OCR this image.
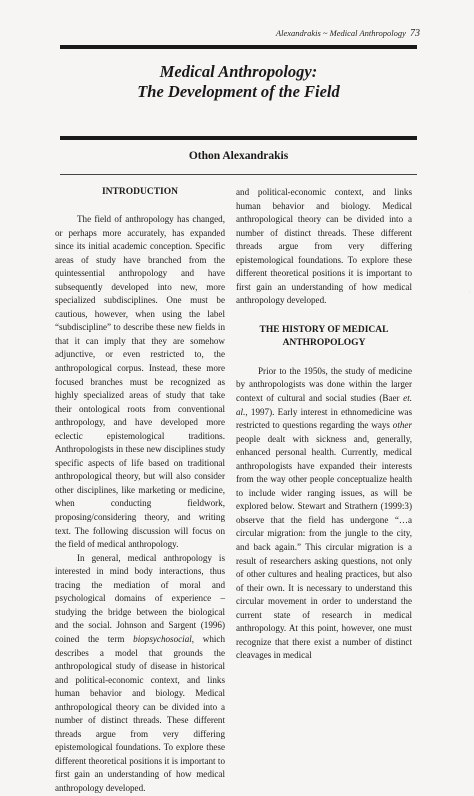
Alexandrakis ~ Medical Anthropology 73
Medical Anthropology:
The Development of the Field
Othon Alexandrakis
INTRODUCTION

The field of anthropology has changed, or perhaps more accurately, has expanded since its initial academic conception. Specific areas of study have branched from the quintessential anthropology and have subsequently developed into new, more specialized subdisciplines. One must be cautious, however, when using the label “subdiscipline” to describe these new fields in that it can imply that they are somehow adjunctive, or even restricted to, the anthropological corpus. Instead, these more focused branches must be recognized as highly specialized areas of study that take their ontological roots from conventional anthropology, and have developed more eclectic epistemological traditions. Anthropologists in these new disciplines study specific aspects of life based on traditional anthropological theory, but will also consider other disciplines, like marketing or medicine, when conducting fieldwork, proposing/considering theory, and writing text. The following discussion will focus on the field of medical anthropology.

In general, medical anthropology is interested in mind body interactions, thus tracing the mediation of moral and psychological domains of experience – studying the bridge between the biological and the social. Johnson and Sargent (1996) coined the term biopsychosocial, which describes a model that grounds the anthropological study of disease in historical and political-economic context, and links human behavior and biology. Medical anthropological theory can be divided into a number of distinct threads. These different threads argue from very differing epistemological foundations. To explore these different theoretical positions it is important to first gain an understanding of how medical anthropology developed.

and political-economic context, and links human behavior and biology. Medical anthropological theory can be divided into a number of distinct threads. These different threads argue from very differing epistemological foundations. To explore these different theoretical positions it is important to first gain an understanding of how medical anthropology developed.

THE HISTORY OF MEDICAL
ANTHROPOLOGY

Prior to the 1950s, the study of medicine by anthropologists was done within the larger context of cultural and social studies (Baer et. al., 1997). Early interest in ethnomedicine was restricted to questions regarding the ways other people dealt with sickness and, generally, enhanced personal health. Currently, medical anthropologists have expanded their interests from the way other people conceptualize health to include wider ranging issues, as will be explored below. Stewart and Strathern (1999:3) observe that the field has undergone “…a circular migration: from the jungle to the city, and back again.” This circular migration is a result of researchers asking questions, not only of other cultures and healing practices, but also of their own. It is necessary to understand this circular movement in order to understand the current state of research in medical anthropology. At this point, however, one must recognize that there exist a number of distinct cleavages in medical

.
